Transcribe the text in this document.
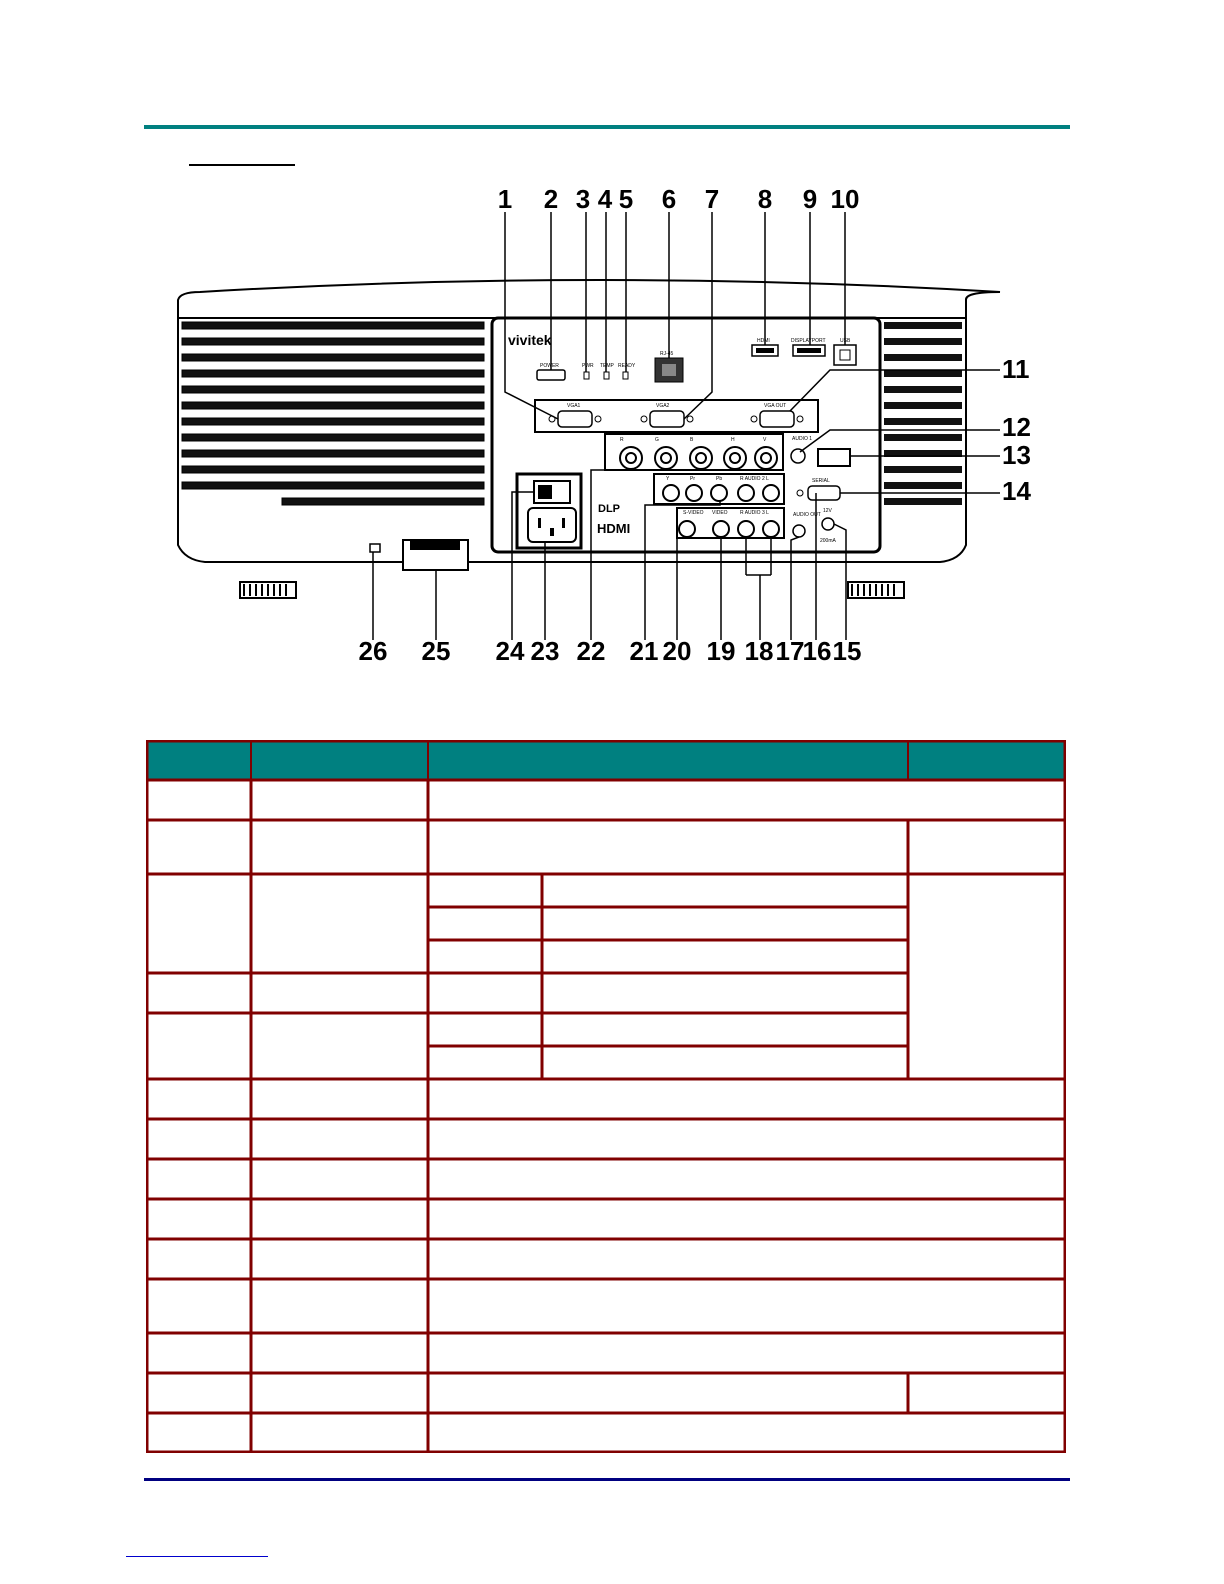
vivitek
POWER	PWR TEMP READY
RJ-45
HDMI	DISPLAYPORT	USB
VGA1	VGA2	VGA OUT
R	G	B	H	V	AUDIO 1
Pr	Pb
Y	R AUDIO 2 L	SERIAL
S-VIDEO VIDEO R AUDIO 3 L	AUDIO OUT
12V
200mA
DLP
HDMI
1 2 3 4 5 6 7 8 9 10
11
12
13
14
26 25 24 23 22 21 20 19 18 17
16 15
